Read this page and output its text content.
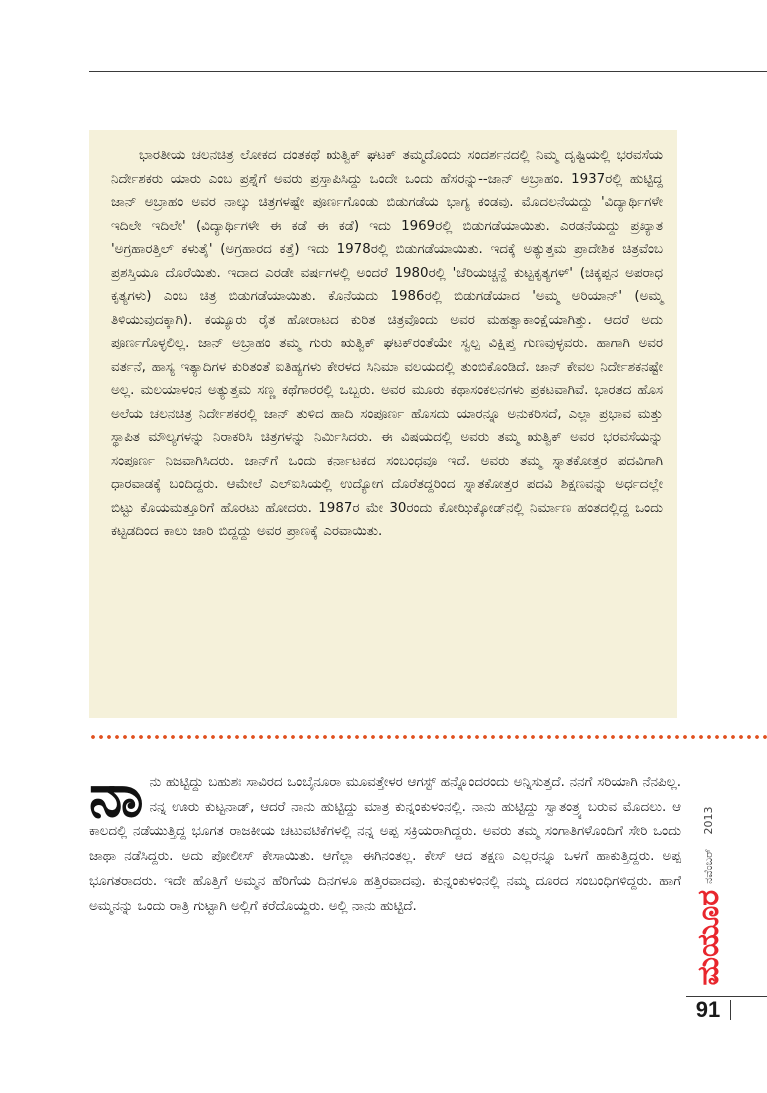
ಭಾರತೀಯ ಚಲನಚಿತ್ರ ಲೋಕದ ದಂತಕಥೆ ಋತ್ವಿಕ್ ಘಟಕ್ ತಮ್ಮದೊಂದು ಸಂದರ್ಶನದಲ್ಲಿ ನಿಮ್ಮ ದೃಷ್ಟಿಯಲ್ಲಿ ಭರವಸೆಯ ನಿರ್ದೇಶಕರು ಯಾರು ಎಂಬ ಪ್ರಶ್ನೆಗೆ ಅವರು ಪ್ರಸ್ತಾಪಿಸಿದ್ದು ಒಂದೇ ಒಂದು ಹೆಸರನ್ನು--ಜಾನ್ ಅಬ್ರಾಹಂ. 1937ರಲ್ಲಿ ಹುಟ್ಟಿದ್ದ ಜಾನ್ ಅಬ್ರಾಹಂ ಅವರ ನಾಲ್ಕು ಚಿತ್ರಗಳಷ್ಟೇ ಪೂರ್ಣಗೊಂಡು ಬಿಡುಗಡೆಯ ಭಾಗ್ಯ ಕಂಡವು. ಮೊದಲನೆಯದ್ದು 'ವಿದ್ಯಾರ್ಥಿಗಳೇ ಇದಿಲೇ ಇದಿಲೇ' (ವಿದ್ಯಾರ್ಥಿಗಳೇ ಈ ಕಡೆ ಈ ಕಡೆ) ಇದು 1969ರಲ್ಲಿ ಬಿಡುಗಡೆಯಾಯಿತು. ಎರಡನೆಯದ್ದು ಪ್ರಖ್ಯಾತ 'ಅಗ್ರಹಾರತ್ತಿಲ್ ಕಳುತೈ' (ಅಗ್ರಹಾರದ ಕತ್ತೆ) ಇದು 1978ರಲ್ಲಿ ಬಿಡುಗಡೆಯಾಯಿತು. ಇದಕ್ಕೆ ಅತ್ಯುತ್ತಮ ಪ್ರಾದೇಶಿಕ ಚಿತ್ರವೆಂಬ ಪ್ರಶಸ್ತಿಯೂ ದೊರೆಯಿತು. ಇದಾದ ಎರಡೇ ವರ್ಷಗಳಲ್ಲಿ ಅಂದರೆ 1980ರಲ್ಲಿ 'ಚೆರಿಯಚ್ಚನ್ದೆ ಕುಟ್ಟಕೃತ್ಯಗಳ್' (ಚಿಕ್ಕಪ್ಪನ ಅಪರಾಧ ಕೃತ್ಯಗಳು) ಎಂಬ ಚಿತ್ರ ಬಿಡುಗಡೆಯಾಯಿತು. ಕೊನೆಯದು 1986ರಲ್ಲಿ ಬಿಡುಗಡೆಯಾದ 'ಅಮ್ಮ ಅರಿಯಾನ್' (ಅಮ್ಮ ತಿಳಿಯುವುದಕ್ಕಾಗಿ). ಕಯ್ಯೂರು ರೈತ ಹೋರಾಟದ ಕುರಿತ ಚಿತ್ರವೊಂದು ಅವರ ಮಹತ್ವಾಕಾಂಕ್ಷೆಯಾಗಿತ್ತು. ಆದರೆ ಅದು ಪೂರ್ಣಗೊಳ್ಳಲಿಲ್ಲ. ಜಾನ್ ಅಬ್ರಾಹಂ ತಮ್ಮ ಗುರು ಋತ್ವಿಕ್ ಘಟಕ್‌ರಂತೆಯೇ ಸ್ವಲ್ಪ ವಿಕ್ಷಿಪ್ತ ಗುಣವುಳ್ಳವರು. ಹಾಗಾಗಿ ಅವರ ವರ್ತನೆ, ಹಾಸ್ಯ ಇತ್ಯಾದಿಗಳ ಕುರಿತಂತೆ ಐತಿಹ್ಯಗಳು ಕೇರಳದ ಸಿನಿಮಾ ವಲಯದಲ್ಲಿ ತುಂಬಿಕೊಂಡಿದೆ. ಜಾನ್ ಕೇವಲ ನಿರ್ದೇಶಕನಷ್ಟೇ ಅಲ್ಲ. ಮಲಯಾಳಂನ ಅತ್ಯುತ್ತಮ ಸಣ್ಣ ಕಥೆಗಾರರಲ್ಲಿ ಒಬ್ಬರು. ಅವರ ಮೂರು ಕಥಾಸಂಕಲನಗಳು ಪ್ರಕಟವಾಗಿವೆ. ಭಾರತದ ಹೊಸ ಅಲೆಯ ಚಲನಚಿತ್ರ ನಿರ್ದೇಶಕರಲ್ಲಿ ಜಾನ್ ತುಳಿದ ಹಾದಿ ಸಂಪೂರ್ಣ ಹೊಸದು ಯಾರನ್ನೂ ಅನುಕರಿಸದೆ, ಎಲ್ಲಾ ಪ್ರಭಾವ ಮತ್ತು ಸ್ಥಾಪಿತ ಮೌಲ್ಯಗಳನ್ನು ನಿರಾಕರಿಸಿ ಚಿತ್ರಗಳನ್ನು ನಿರ್ಮಿಸಿದರು. ಈ ವಿಷಯದಲ್ಲಿ ಅವರು ತಮ್ಮ ಋತ್ವಿಕ್ ಅವರ ಭರವಸೆಯನ್ನು ಸಂಪೂರ್ಣ ನಿಜವಾಗಿಸಿದರು. ಜಾನ್‌ಗೆ ಒಂದು ಕರ್ನಾಟಕದ ಸಂಬಂಧವೂ ಇದೆ. ಅವರು ತಮ್ಮ ಸ್ನಾತಕೋತ್ತರ ಪದವಿಗಾಗಿ ಧಾರವಾಡಕ್ಕೆ ಬಂದಿದ್ದರು. ಆಮೇಲೆ ಎಲ್‌ಐಸಿಯಲ್ಲಿ ಉದ್ಯೋಗ ದೊರೆತದ್ದರಿಂದ ಸ್ನಾತಕೋತ್ತರ ಪದವಿ ಶಿಕ್ಷಣವನ್ನು ಅರ್ಧದಲ್ಲೇ ಬಿಟ್ಟು ಕೊಯಮತ್ತೂರಿಗೆ ಹೊರಟು ಹೋದರು. 1987ರ ಮೇ 30ರಂದು ಕೋಝಿಕ್ಕೋಡ್‌ನಲ್ಲಿ ನಿರ್ಮಾಣ ಹಂತದಲ್ಲಿದ್ದ ಒಂದು ಕಟ್ಟಡದಿಂದ ಕಾಲು ಜಾರಿ ಬಿದ್ದದ್ದು ಅವರ ಪ್ರಾಣಕ್ಕೆ ಎರವಾಯಿತು.

ನಾ ನು ಹುಟ್ಟಿದ್ದು ಬಹುಶಃ ಸಾವಿರದ ಒಂಬೈನೂರಾ ಮೂವತ್ತೇಳರ ಆಗಸ್ಟ್ ಹನ್ನೊಂದರಂದು ಅನ್ನಿಸುತ್ತದೆ. ನನಗೆ ಸರಿಯಾಗಿ ನೆನಪಿಲ್ಲ. ನನ್ನ ಊರು ಕುಟ್ಟನಾಡ್, ಆದರೆ ನಾನು ಹುಟ್ಟಿದ್ದು ಮಾತ್ರ ಕುನ್ನಂಕುಳಂನಲ್ಲಿ. ನಾನು ಹುಟ್ಟಿದ್ದು ಸ್ವಾತಂತ್ರ್ಯ ಬರುವ ಮೊದಲು. ಆ ಕಾಲದಲ್ಲಿ ನಡೆಯುತ್ತಿದ್ದ ಭೂಗತ ರಾಜಕೀಯ ಚಟುವಟಿಕೆಗಳಲ್ಲಿ ನನ್ನ ಅಪ್ಪ ಸಕ್ರಿಯರಾಗಿದ್ದರು. ಅವರು ತಮ್ಮ ಸಂಗಾತಿಗಳೊಂದಿಗೆ ಸೇರಿ ಒಂದು ಜಾಥಾ ನಡೆಸಿದ್ದರು. ಅದು ಪೋಲೀಸ್ ಕೇಸಾಯಿತು. ಆಗೆಲ್ಲಾ ಈಗಿನಂತಲ್ಲ. ಕೇಸ್ ಆದ ತಕ್ಷಣ ಎಲ್ಲರನ್ನೂ ಒಳಗೆ ಹಾಕುತ್ತಿದ್ದರು. ಅಪ್ಪ ಭೂಗತರಾದರು. ಇದೇ ಹೊತ್ತಿಗೆ ಅಮ್ಮನ ಹೆರಿಗೆಯ ದಿನಗಳೂ ಹತ್ತಿರವಾದವು. ಕುನ್ನಂಕುಳಂನಲ್ಲಿ ನಮ್ಮ ದೂರದ ಸಂಬಂಧಿಗಳಿದ್ದರು. ಹಾಗೆ ಅಮ್ಮನನ್ನು ಒಂದು ರಾತ್ರಿ ಗುಟ್ಟಾಗಿ ಅಲ್ಲಿಗೆ ಕರೆದೊಯ್ದರು. ಅಲ್ಲಿ ನಾನು ಹುಟ್ಟಿದೆ.	ಮಯೂರ
ನವೆಂಬರ್
2013
91
